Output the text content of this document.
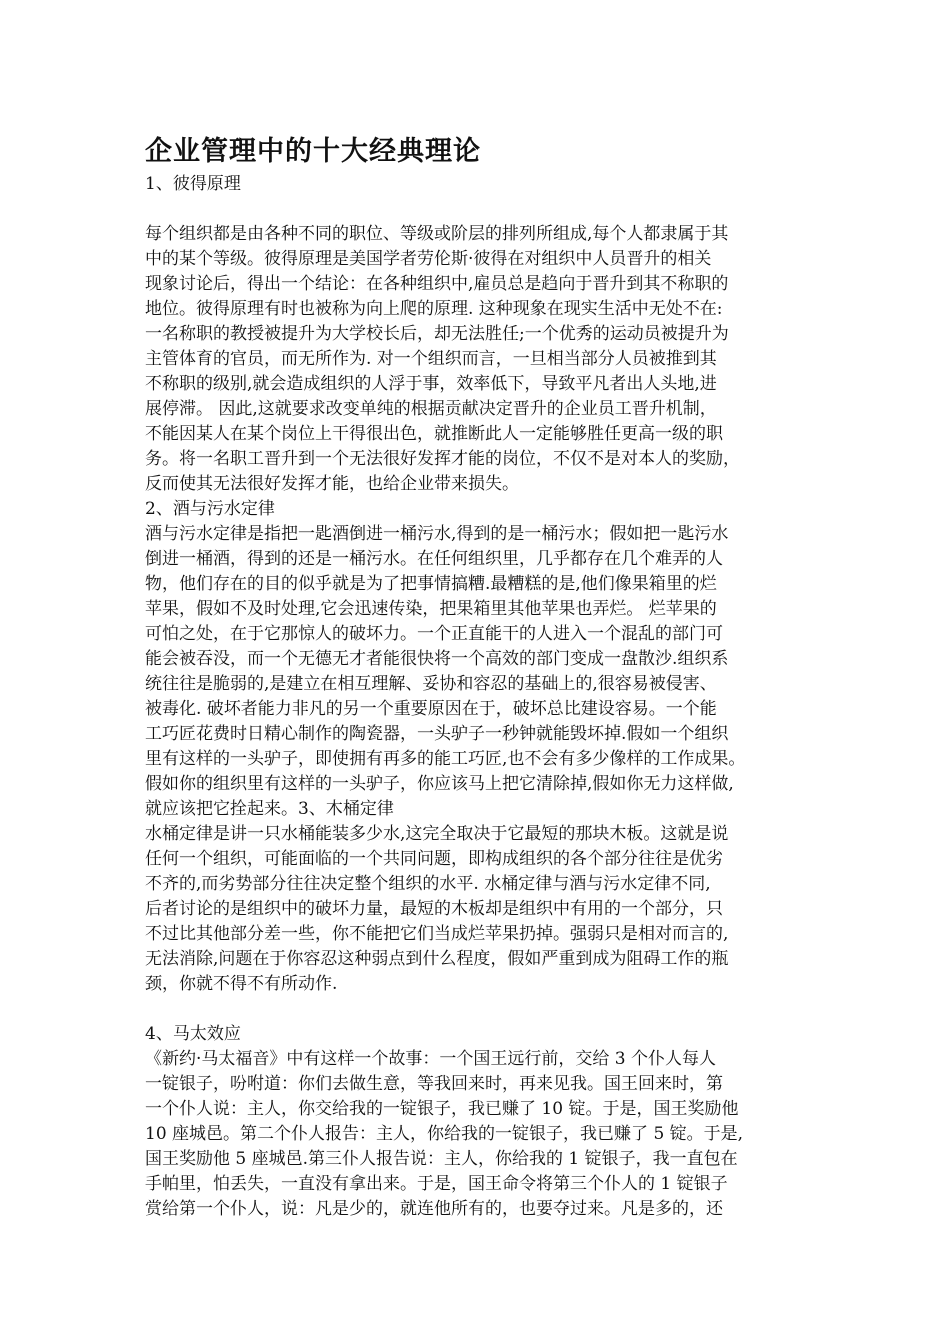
企业管理中的十大经典理论

1、彼得原理

每个组织都是由各种不同的职位、等级或阶层的排列所组成,每个人都隶属于其
中的某个等级。彼得原理是美国学者劳伦斯·彼得在对组织中人员晋升的相关
现象讨论后，得出一个结论：在各种组织中,雇员总是趋向于晋升到其不称职的
地位。彼得原理有时也被称为向上爬的原理. 这种现象在现实生活中无处不在:
一名称职的教授被提升为大学校长后，却无法胜任;一个优秀的运动员被提升为
主管体育的官员，而无所作为. 对一个组织而言，一旦相当部分人员被推到其
不称职的级别,就会造成组织的人浮于事，效率低下，导致平凡者出人头地,进
展停滞。 因此,这就要求改变单纯的根据贡献决定晋升的企业员工晋升机制，
不能因某人在某个岗位上干得很出色，就推断此人一定能够胜任更高一级的职
务。将一名职工晋升到一个无法很好发挥才能的岗位，不仅不是对本人的奖励，
反而使其无法很好发挥才能，也给企业带来损失。

2、酒与污水定律

酒与污水定律是指把一匙酒倒进一桶污水,得到的是一桶污水；假如把一匙污水
倒进一桶酒，得到的还是一桶污水。在任何组织里，几乎都存在几个难弄的人
物，他们存在的目的似乎就是为了把事情搞糟.最糟糕的是,他们像果箱里的烂
苹果，假如不及时处理,它会迅速传染，把果箱里其他苹果也弄烂。 烂苹果的
可怕之处，在于它那惊人的破坏力。一个正直能干的人进入一个混乱的部门可
能会被吞没，而一个无德无才者能很快将一个高效的部门变成一盘散沙.组织系
统往往是脆弱的,是建立在相互理解、妥协和容忍的基础上的,很容易被侵害、
被毒化. 破坏者能力非凡的另一个重要原因在于，破坏总比建设容易。一个能
工巧匠花费时日精心制作的陶瓷器，一头驴子一秒钟就能毁坏掉.假如一个组织
里有这样的一头驴子，即使拥有再多的能工巧匠,也不会有多少像样的工作成果。
假如你的组织里有这样的一头驴子，你应该马上把它清除掉,假如你无力这样做,
就应该把它拴起来。3、木桶定律

水桶定律是讲一只水桶能装多少水,这完全取决于它最短的那块木板。这就是说
任何一个组织，可能面临的一个共同问题，即构成组织的各个部分往往是优劣
不齐的,而劣势部分往往决定整个组织的水平. 水桶定律与酒与污水定律不同,
后者讨论的是组织中的破坏力量，最短的木板却是组织中有用的一个部分，只
不过比其他部分差一些，你不能把它们当成烂苹果扔掉。强弱只是相对而言的,
无法消除,问题在于你容忍这种弱点到什么程度，假如严重到成为阻碍工作的瓶
颈，你就不得不有所动作.

4、马太效应

《新约·马太福音》中有这样一个故事：一个国王远行前，交给 3 个仆人每人
一锭银子，吩咐道：你们去做生意，等我回来时，再来见我。国王回来时，第
一个仆人说：主人，你交给我的一锭银子，我已赚了 10 锭。于是，国王奖励他
10 座城邑。第二个仆人报告：主人，你给我的一锭银子，我已赚了 5 锭。于是,
国王奖励他 5 座城邑.第三仆人报告说：主人，你给我的 1 锭银子，我一直包在
手帕里，怕丢失，一直没有拿出来。于是，国王命令将第三个仆人的 1 锭银子
赏给第一个仆人，说：凡是少的，就连他所有的，也要夺过来。凡是多的，还
